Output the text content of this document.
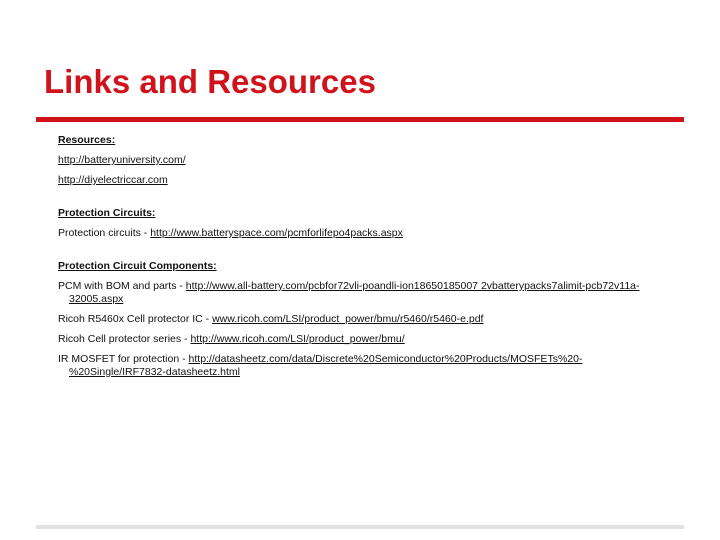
Links and Resources

Resources:

http://batteryuniversity.com/

http://diyelectriccar.com

Protection Circuits:

Protection circuits - http://www.batteryspace.com/pcmforlifepo4packs.aspx

Protection Circuit Components:

PCM with BOM and parts - http://www.all-battery.com/pcbfor72vli-poandli-ion18650185007 2vbatterypacks7alimit-pcb72v11a-32005.aspx

Ricoh R5460x Cell protector IC - www.ricoh.com/LSI/product_power/bmu/r5460/r5460-e.pdf

Ricoh Cell protector series - http://www.ricoh.com/LSI/product_power/bmu/

IR MOSFET for protection - http://datasheetz.com/data/Discrete%20Semiconductor%20Products/MOSFETs%20-%20Single/IRF7832-datasheetz.html
